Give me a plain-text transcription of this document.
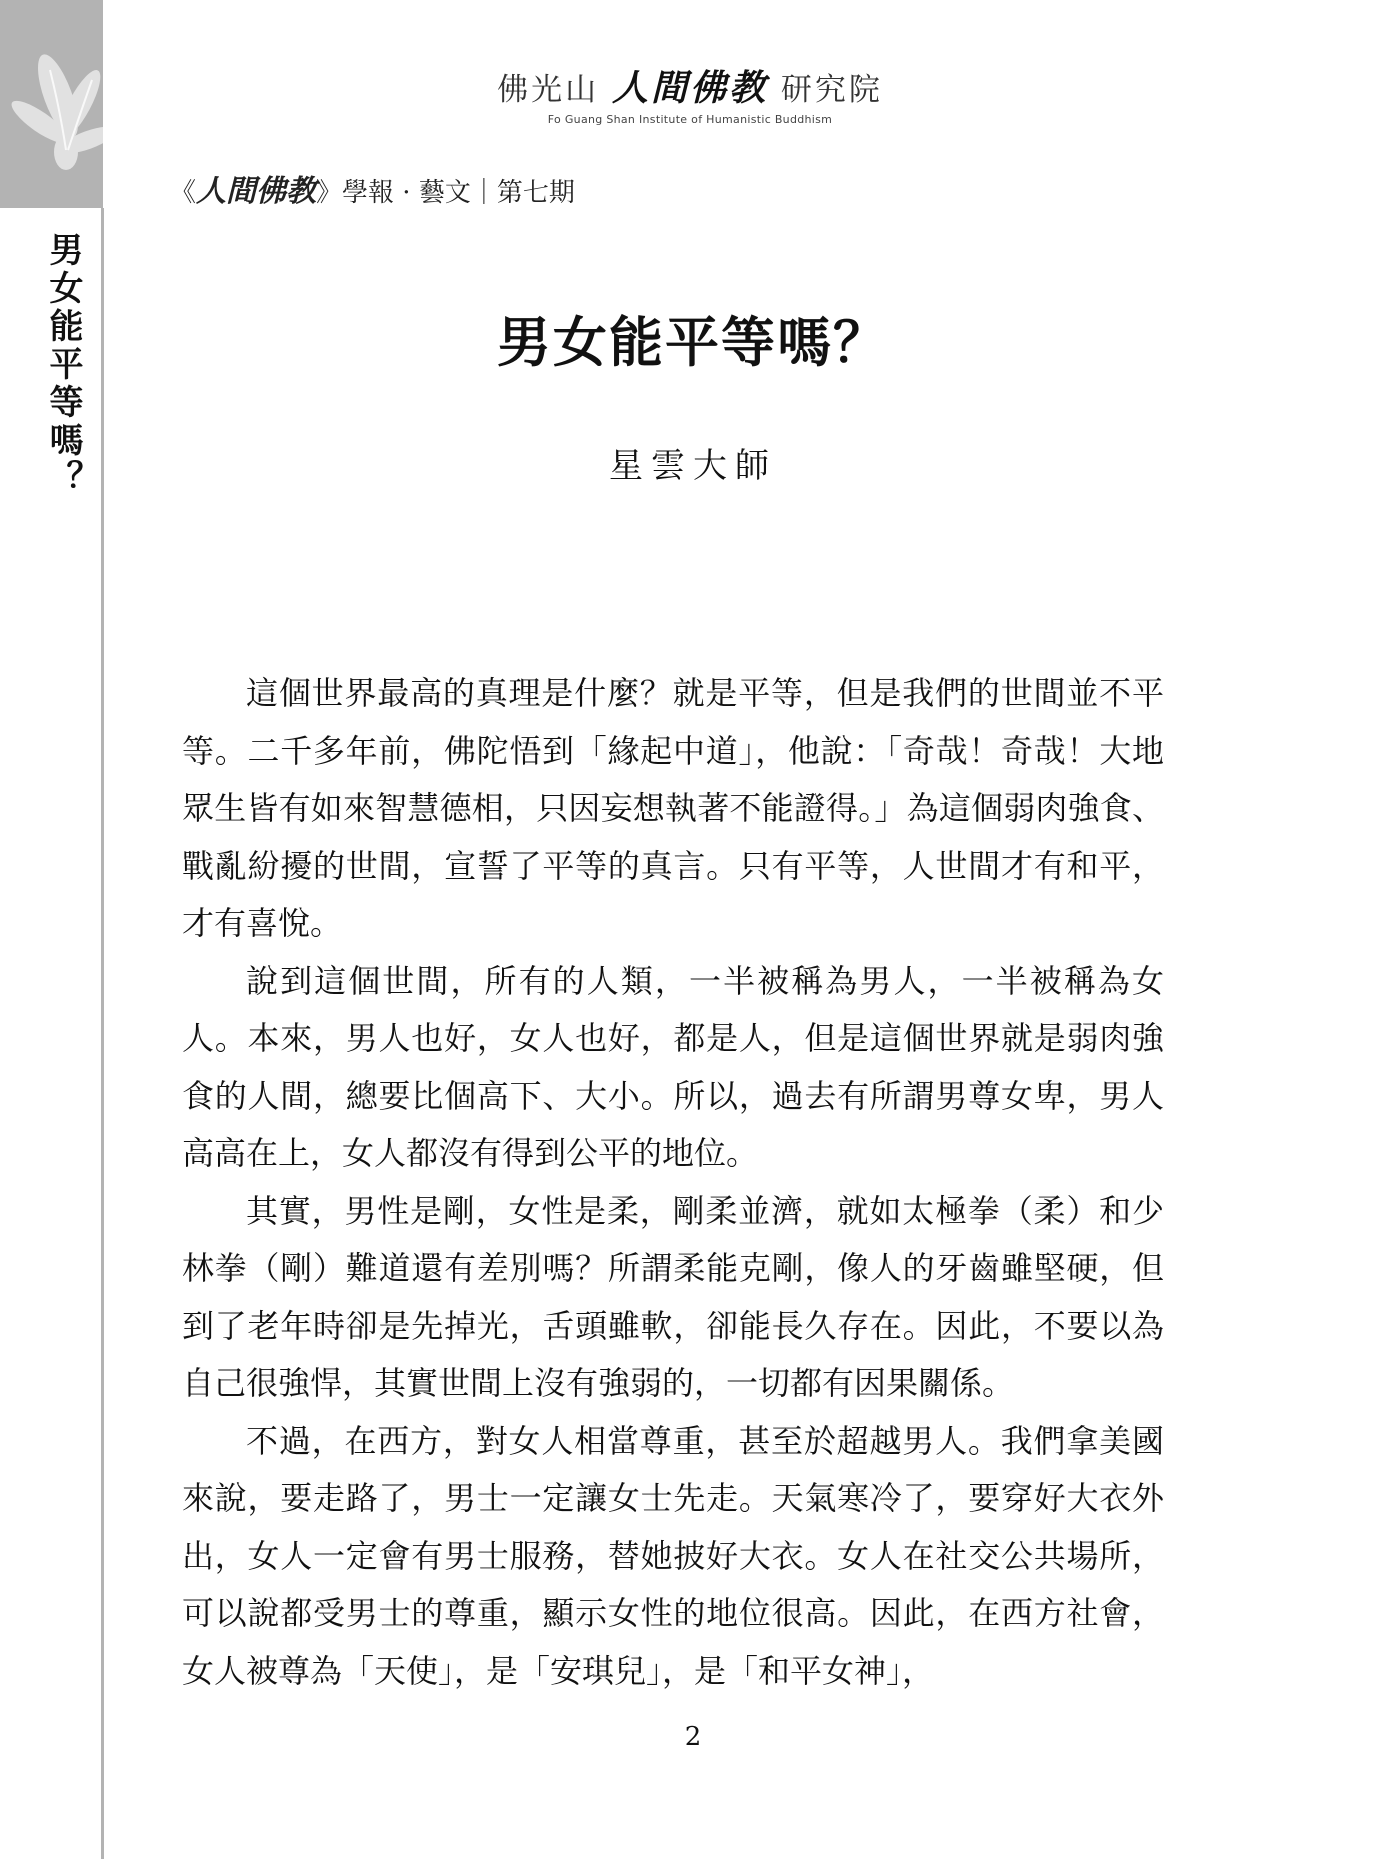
男女能平等嗎？
佛光山 人間佛教 研究院
Fo Guang Shan Institute of Humanistic Buddhism
《人間佛教》學報 · 藝文｜第七期
男女能平等嗎？
星雲大師

這個世界最高的真理是什麼？就是平等，但是我們的世間並不平等。二千多年前，佛陀悟到「緣起中道」，他說：「奇哉！奇哉！大地眾生皆有如來智慧德相，只因妄想執著不能證得。」為這個弱肉強食、戰亂紛擾的世間，宣誓了平等的真言。只有平等，人世間才有和平，才有喜悅。

說到這個世間，所有的人類，一半被稱為男人，一半被稱為女人。本來，男人也好，女人也好，都是人，但是這個世界就是弱肉強食的人間，總要比個高下、大小。所以，過去有所謂男尊女卑，男人高高在上，女人都沒有得到公平的地位。

其實，男性是剛，女性是柔，剛柔並濟，就如太極拳（柔）和少林拳（剛）難道還有差別嗎？所謂柔能克剛，像人的牙齒雖堅硬，但到了老年時卻是先掉光，舌頭雖軟，卻能長久存在。因此，不要以為自己很強悍，其實世間上沒有強弱的，一切都有因果關係。

不過，在西方，對女人相當尊重，甚至於超越男人。我們拿美國來說，要走路了，男士一定讓女士先走。天氣寒冷了，要穿好大衣外出，女人一定會有男士服務，替她披好大衣。女人在社交公共場所，可以說都受男士的尊重，顯示女性的地位很高。因此，在西方社會，女人被尊為「天使」，是「安琪兒」，是「和平女神」，

2
